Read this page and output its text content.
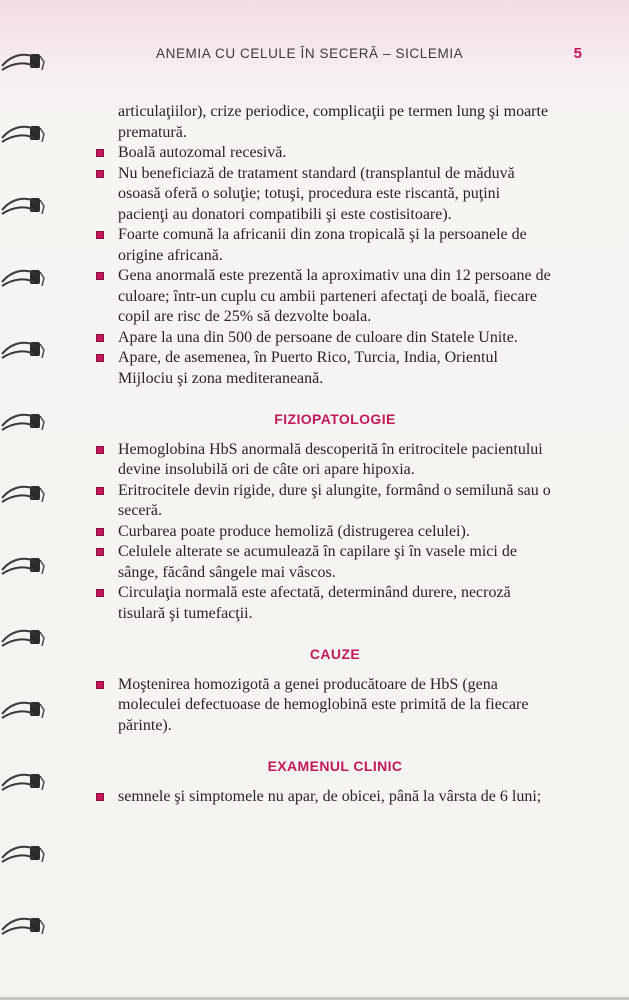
ANEMIA CU CELULE ÎN SECERĂ – SICLEMIA	5

articulaţiilor), crize periodice, complicaţii pe termen lung şi moarte prematură.

Boală autozomal recesivă.
Nu beneficiază de tratament standard (transplantul de măduvă osoasă oferă o soluţie; totuşi, procedura este riscantă, puţini pacienţi au donatori compatibili şi este costisitoare).
Foarte comună la africanii din zona tropicală şi la persoanele de origine africană.
Gena anormală este prezentă la aproximativ una din 12 persoane de culoare; într-un cuplu cu ambii parteneri afectaţi de boală, fiecare copil are risc de 25% să dezvolte boala.
Apare la una din 500 de persoane de culoare din Statele Unite.
Apare, de asemenea, în Puerto Rico, Turcia, India, Orientul Mijlociu şi zona mediteraneană.
FIZIOPATOLOGIE
Hemoglobina HbS anormală descoperită în eritrocitele pacientului devine insolubilă ori de câte ori apare hipoxia.
Eritrocitele devin rigide, dure şi alungite, formând o semilună sau o seceră.
Curbarea poate produce hemoliză (distrugerea celulei).
Celulele alterate se acumulează în capilare şi în vasele mici de sânge, făcând sângele mai vâscos.
Circulaţia normală este afectată, determinând durere, necroză tisulară şi tumefacţii.
CAUZE
Moştenirea homozigotă a genei producătoare de HbS (gena moleculei defectuoase de hemoglobină este primită de la fiecare părinte).
EXAMENUL CLINIC
semnele şi simptomele nu apar, de obicei, până la vârsta de 6 luni;
